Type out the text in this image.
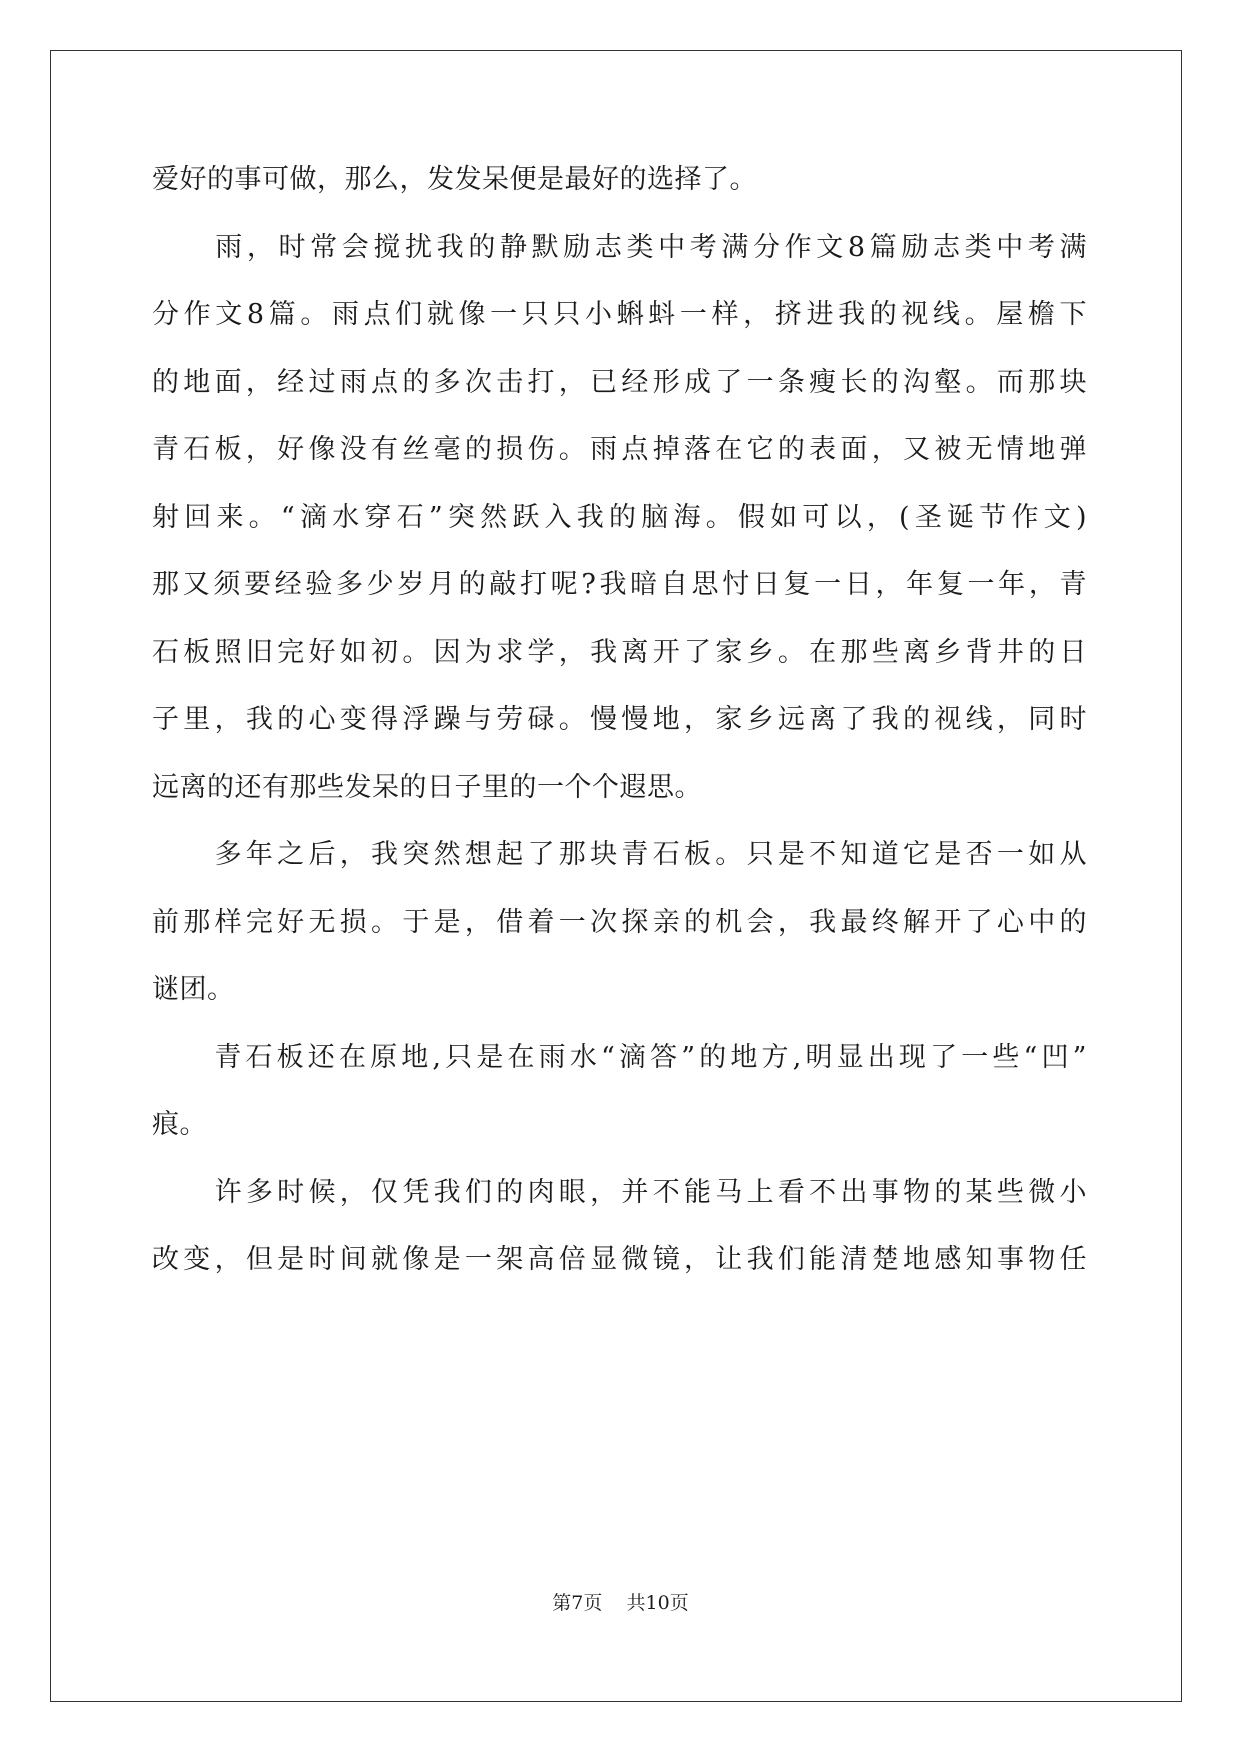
爱好的事可做，那么，发发呆便是最好的选择了。
　　雨，时常会搅扰我的静默励志类中考满分作文8篇励志类中考满
分作文8篇。雨点们就像一只只小蝌蚪一样，挤进我的视线。屋檐下
的地面，经过雨点的多次击打，已经形成了一条瘦长的沟壑。而那块
青石板，好像没有丝毫的损伤。雨点掉落在它的表面，又被无情地弹
射回来。“滴水穿石”突然跃入我的脑海。假如可以，(圣诞节作文)
那又须要经验多少岁月的敲打呢?我暗自思忖日复一日，年复一年，青
石板照旧完好如初。因为求学，我离开了家乡。在那些离乡背井的日
子里，我的心变得浮躁与劳碌。慢慢地，家乡远离了我的视线，同时
远离的还有那些发呆的日子里的一个个遐思。
　　多年之后，我突然想起了那块青石板。只是不知道它是否一如从
前那样完好无损。于是，借着一次探亲的机会，我最终解开了心中的
谜团。
　　青石板还在原地,只是在雨水“滴答”的地方,明显出现了一些“凹”
痕。
　　许多时候，仅凭我们的肉眼，并不能马上看不出事物的某些微小
改变，但是时间就像是一架高倍显微镜，让我们能清楚地感知事物任
第7页 共10页
